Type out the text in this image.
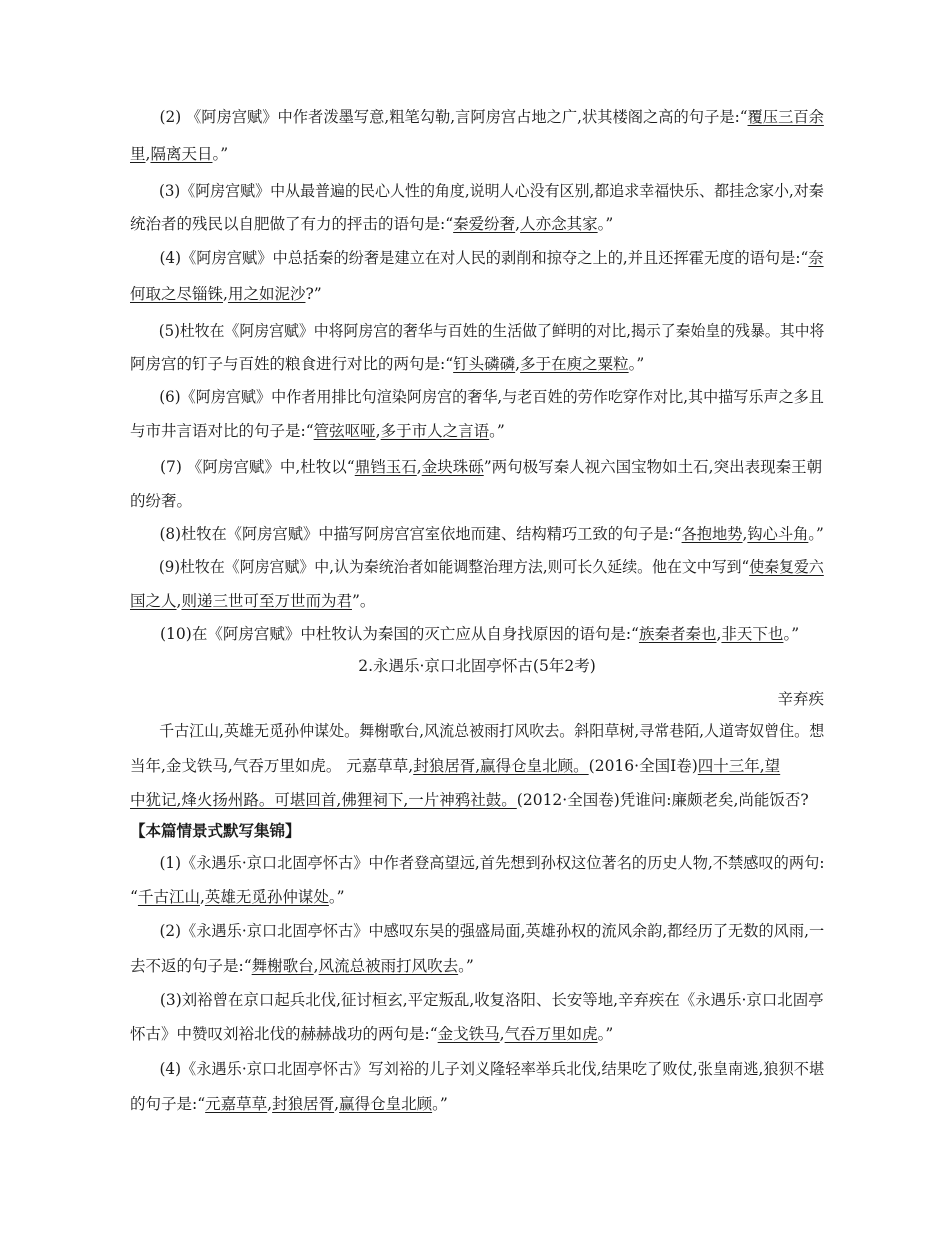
(2) 《阿房宫赋》中作者泼墨写意,粗笔勾勒,言阿房宫占地之广,状其楼阁之高的句子是:“覆压三百余
里,隔离天日。”
(3)《阿房宫赋》中从最普遍的民心人性的角度,说明人心没有区别,都追求幸福快乐、都挂念家小,对秦
统治者的残民以自肥做了有力的抨击的语句是:“秦爱纷奢,人亦念其家。”
(4)《阿房宫赋》中总括秦的纷奢是建立在对人民的剥削和掠夺之上的,并且还挥霍无度的语句是:“奈
何取之尽锱铢,用之如泥沙?”
(5)杜牧在《阿房宫赋》中将阿房宫的奢华与百姓的生活做了鲜明的对比,揭示了秦始皇的残暴。其中将
阿房宫的钉子与百姓的粮食进行对比的两句是:“钉头磷磷,多于在庾之粟粒。”
(6)《阿房宫赋》中作者用排比句渲染阿房宫的奢华,与老百姓的劳作吃穿作对比,其中描写乐声之多且
与市井言语对比的句子是:“管弦呕哑,多于市人之言语。”
(7) 《阿房宫赋》中,杜牧以“鼎铛玉石,金块珠砾”两句极写秦人视六国宝物如土石,突出表现秦王朝
的纷奢。
(8)杜牧在《阿房宫赋》中描写阿房宫宫室依地而建、结构精巧工致的句子是:“各抱地势,钩心斗角。”
(9)杜牧在《阿房宫赋》中,认为秦统治者如能调整治理方法,则可长久延续。他在文中写到“使秦复爱六
国之人,则递三世可至万世而为君”。
(10)在《阿房宫赋》中杜牧认为秦国的灭亡应从自身找原因的语句是:“族秦者秦也,非天下也。”
2.永遇乐·京口北固亭怀古(5年2考)
辛弃疾
千古江山,英雄无觅孙仲谋处。舞榭歌台,风流总被雨打风吹去。斜阳草树,寻常巷陌,人道寄奴曾住。想
当年,金戈铁马,气吞万里如虎。 元嘉草草,封狼居胥,赢得仓皇北顾。(2016·全国Ⅰ卷)四十三年,望
中犹记,烽火扬州路。可堪回首,佛狸祠下,一片神鸦社鼓。(2012·全国卷)凭谁问:廉颇老矣,尚能饭否?
【本篇情景式默写集锦】
(1)《永遇乐·京口北固亭怀古》中作者登高望远,首先想到孙权这位著名的历史人物,不禁感叹的两句:
“千古江山,英雄无觅孙仲谋处。”
(2)《永遇乐·京口北固亭怀古》中感叹东吴的强盛局面,英雄孙权的流风余韵,都经历了无数的风雨,一
去不返的句子是:“舞榭歌台,风流总被雨打风吹去。”
(3)刘裕曾在京口起兵北伐,征讨桓玄,平定叛乱,收复洛阳、长安等地,辛弃疾在《永遇乐·京口北固亭
怀古》中赞叹刘裕北伐的赫赫战功的两句是:“金戈铁马,气吞万里如虎。”
(4)《永遇乐·京口北固亭怀古》写刘裕的儿子刘义隆轻率举兵北伐,结果吃了败仗,张皇南逃,狼狈不堪
的句子是:“元嘉草草,封狼居胥,赢得仓皇北顾。”
